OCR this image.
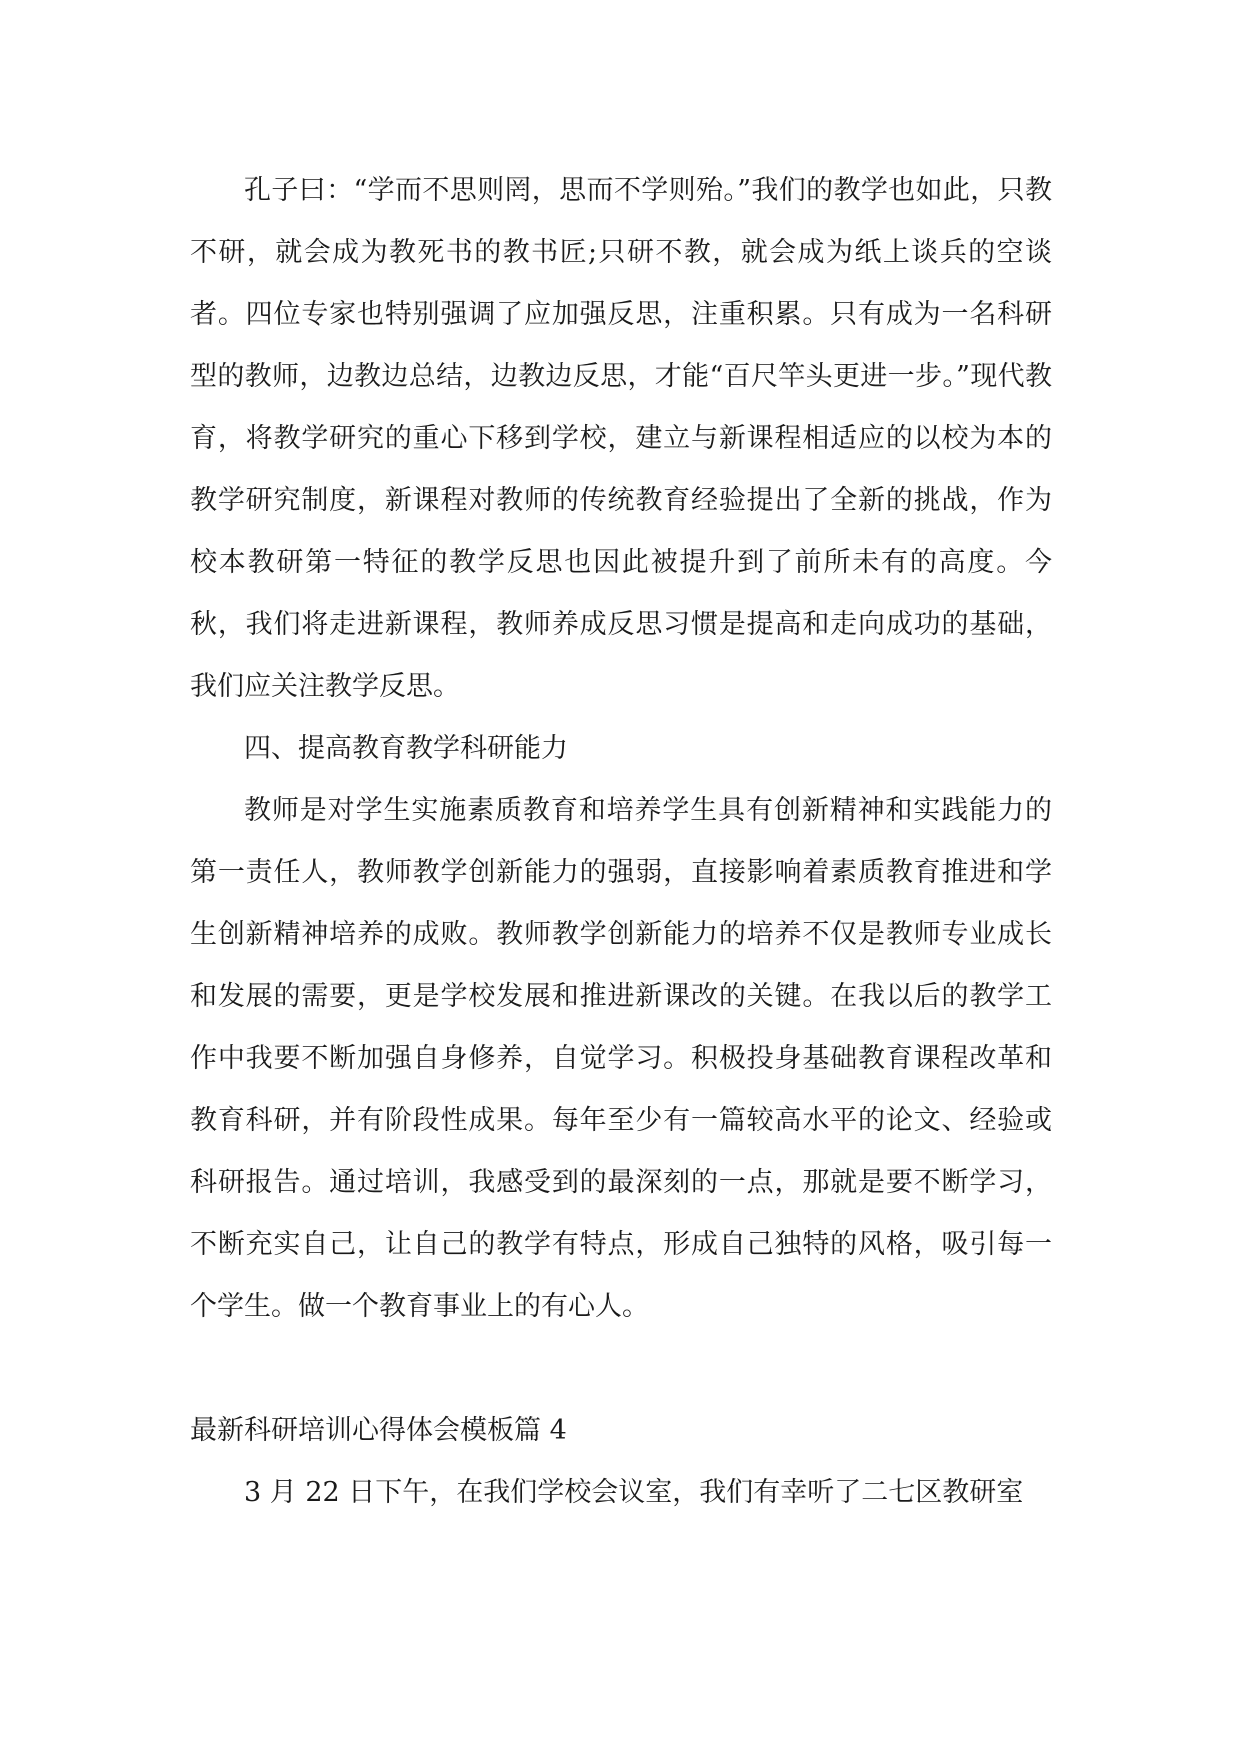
孔子曰：“学而不思则罔，思而不学则殆。”我们的教学也如此，只教不研，就会成为教死书的教书匠;只研不教，就会成为纸上谈兵的空谈者。四位专家也特别强调了应加强反思，注重积累。只有成为一名科研型的教师，边教边总结，边教边反思，才能“百尺竿头更进一步。”现代教育，将教学研究的重心下移到学校，建立与新课程相适应的以校为本的教学研究制度，新课程对教师的传统教育经验提出了全新的挑战，作为校本教研第一特征的教学反思也因此被提升到了前所未有的高度。今秋，我们将走进新课程，教师养成反思习惯是提高和走向成功的基础，我们应关注教学反思。

四、提高教育教学科研能力

教师是对学生实施素质教育和培养学生具有创新精神和实践能力的第一责任人，教师教学创新能力的强弱，直接影响着素质教育推进和学生创新精神培养的成败。教师教学创新能力的培养不仅是教师专业成长和发展的需要，更是学校发展和推进新课改的关键。在我以后的教学工作中我要不断加强自身修养，自觉学习。积极投身基础教育课程改革和教育科研，并有阶段性成果。每年至少有一篇较高水平的论文、经验或科研报告。通过培训，我感受到的最深刻的一点，那就是要不断学习，不断充实自己，让自己的教学有特点，形成自己独特的风格，吸引每一个学生。做一个教育事业上的有心人。

最新科研培训心得体会模板篇 4

3 月 22 日下午，在我们学校会议室，我们有幸听了二七区教研室
